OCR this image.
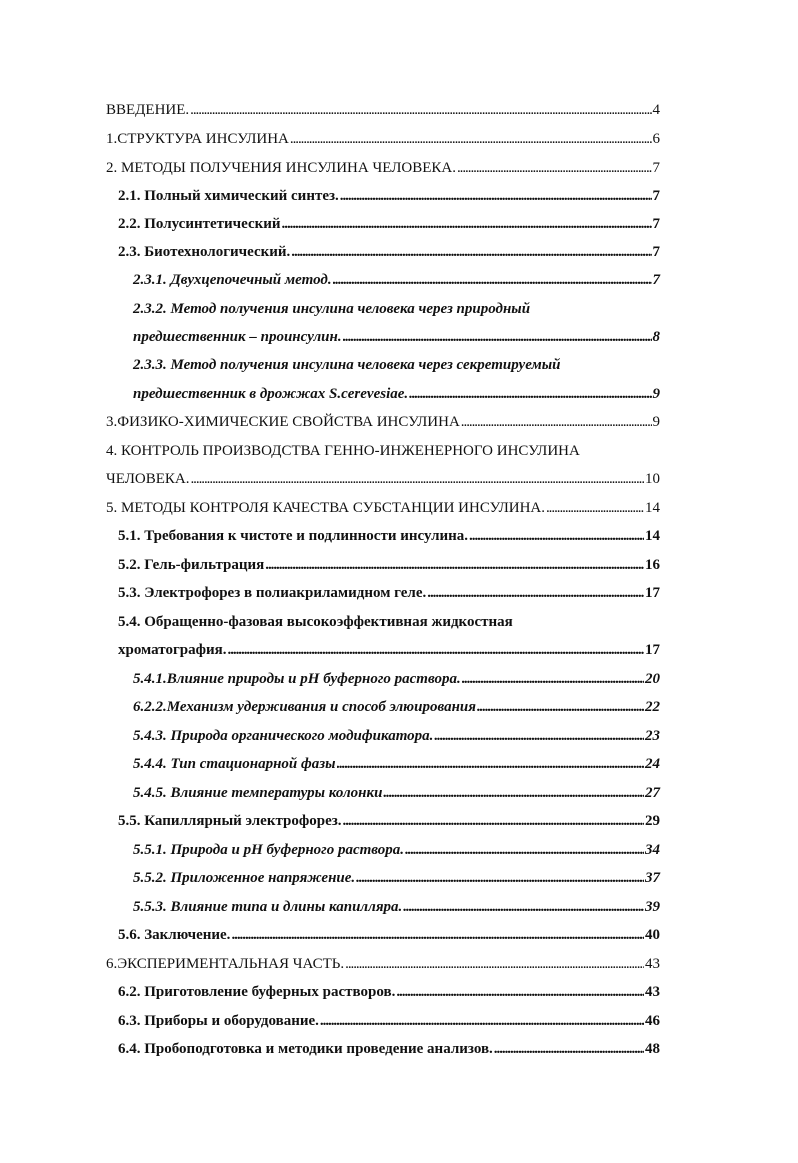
ВВЕДЕНИЕ. . . .	4
1.СТРУКТУРА ИНСУЛИНА . . .	6
2. МЕТОДЫ ПОЛУЧЕНИЯ ИНСУЛИНА ЧЕЛОВЕКА. . . .	7
2.1. Полный химический синтез. . . .	7
2.2. Полусинтетический . . .	7
2.3. Биотехнологический. . . .	7
2.3.1. Двухцепочечный метод. . . .	7
2.3.2. Метод получения инсулина человека через природный
предшественник – проинсулин. . . .	8
2.3.3. Метод получения инсулина человека через секретируемый
предшественник в дрожжах S.cerevesiae. . . .	9
3.ФИЗИКО-ХИМИЧЕСКИЕ СВОЙСТВА ИНСУЛИНА . . .	9
4. КОНТРОЛЬ ПРОИЗВОДСТВА ГЕННО-ИНЖЕНЕРНОГО ИНСУЛИНА
ЧЕЛОВЕКА. . . .	10
5. МЕТОДЫ КОНТРОЛЯ КАЧЕСТВА СУБСТАНЦИИ ИНСУЛИНА. . . .	14
5.1. Требования к чистоте и подлинности инсулина. . . .	14
5.2. Гель-фильтрация . . .	16
5.3. Электрофорез в полиакриламидном геле. . . .	17
5.4. Обращенно-фазовая высокоэффективная жидкостная
хроматография. . . .	17
5.4.1.Влияние природы и рН буферного раствора. . . .	20
6.2.2.Механизм удерживания и способ элюирования . . .	22
5.4.3. Природа органического модификатора. . . .	23
5.4.4. Тип стационарной фазы . . .	24
5.4.5. Влияние температуры колонки . . .	27
5.5. Капиллярный электрофорез. . . .	29
5.5.1. Природа и рН буферного раствора. . . .	34
5.5.2. Приложенное напряжение. . . .	37
5.5.3. Влияние типа и длины капилляра. . . .	39
5.6. Заключение. . . .	40
6.ЭКСПЕРИМЕНТАЛЬНАЯ ЧАСТЬ. . . .	43
6.2. Приготовление буферных растворов. . . .	43
6.3. Приборы и оборудование. . . .	46
6.4. Пробоподготовка и методики проведение анализов. . . .	48
